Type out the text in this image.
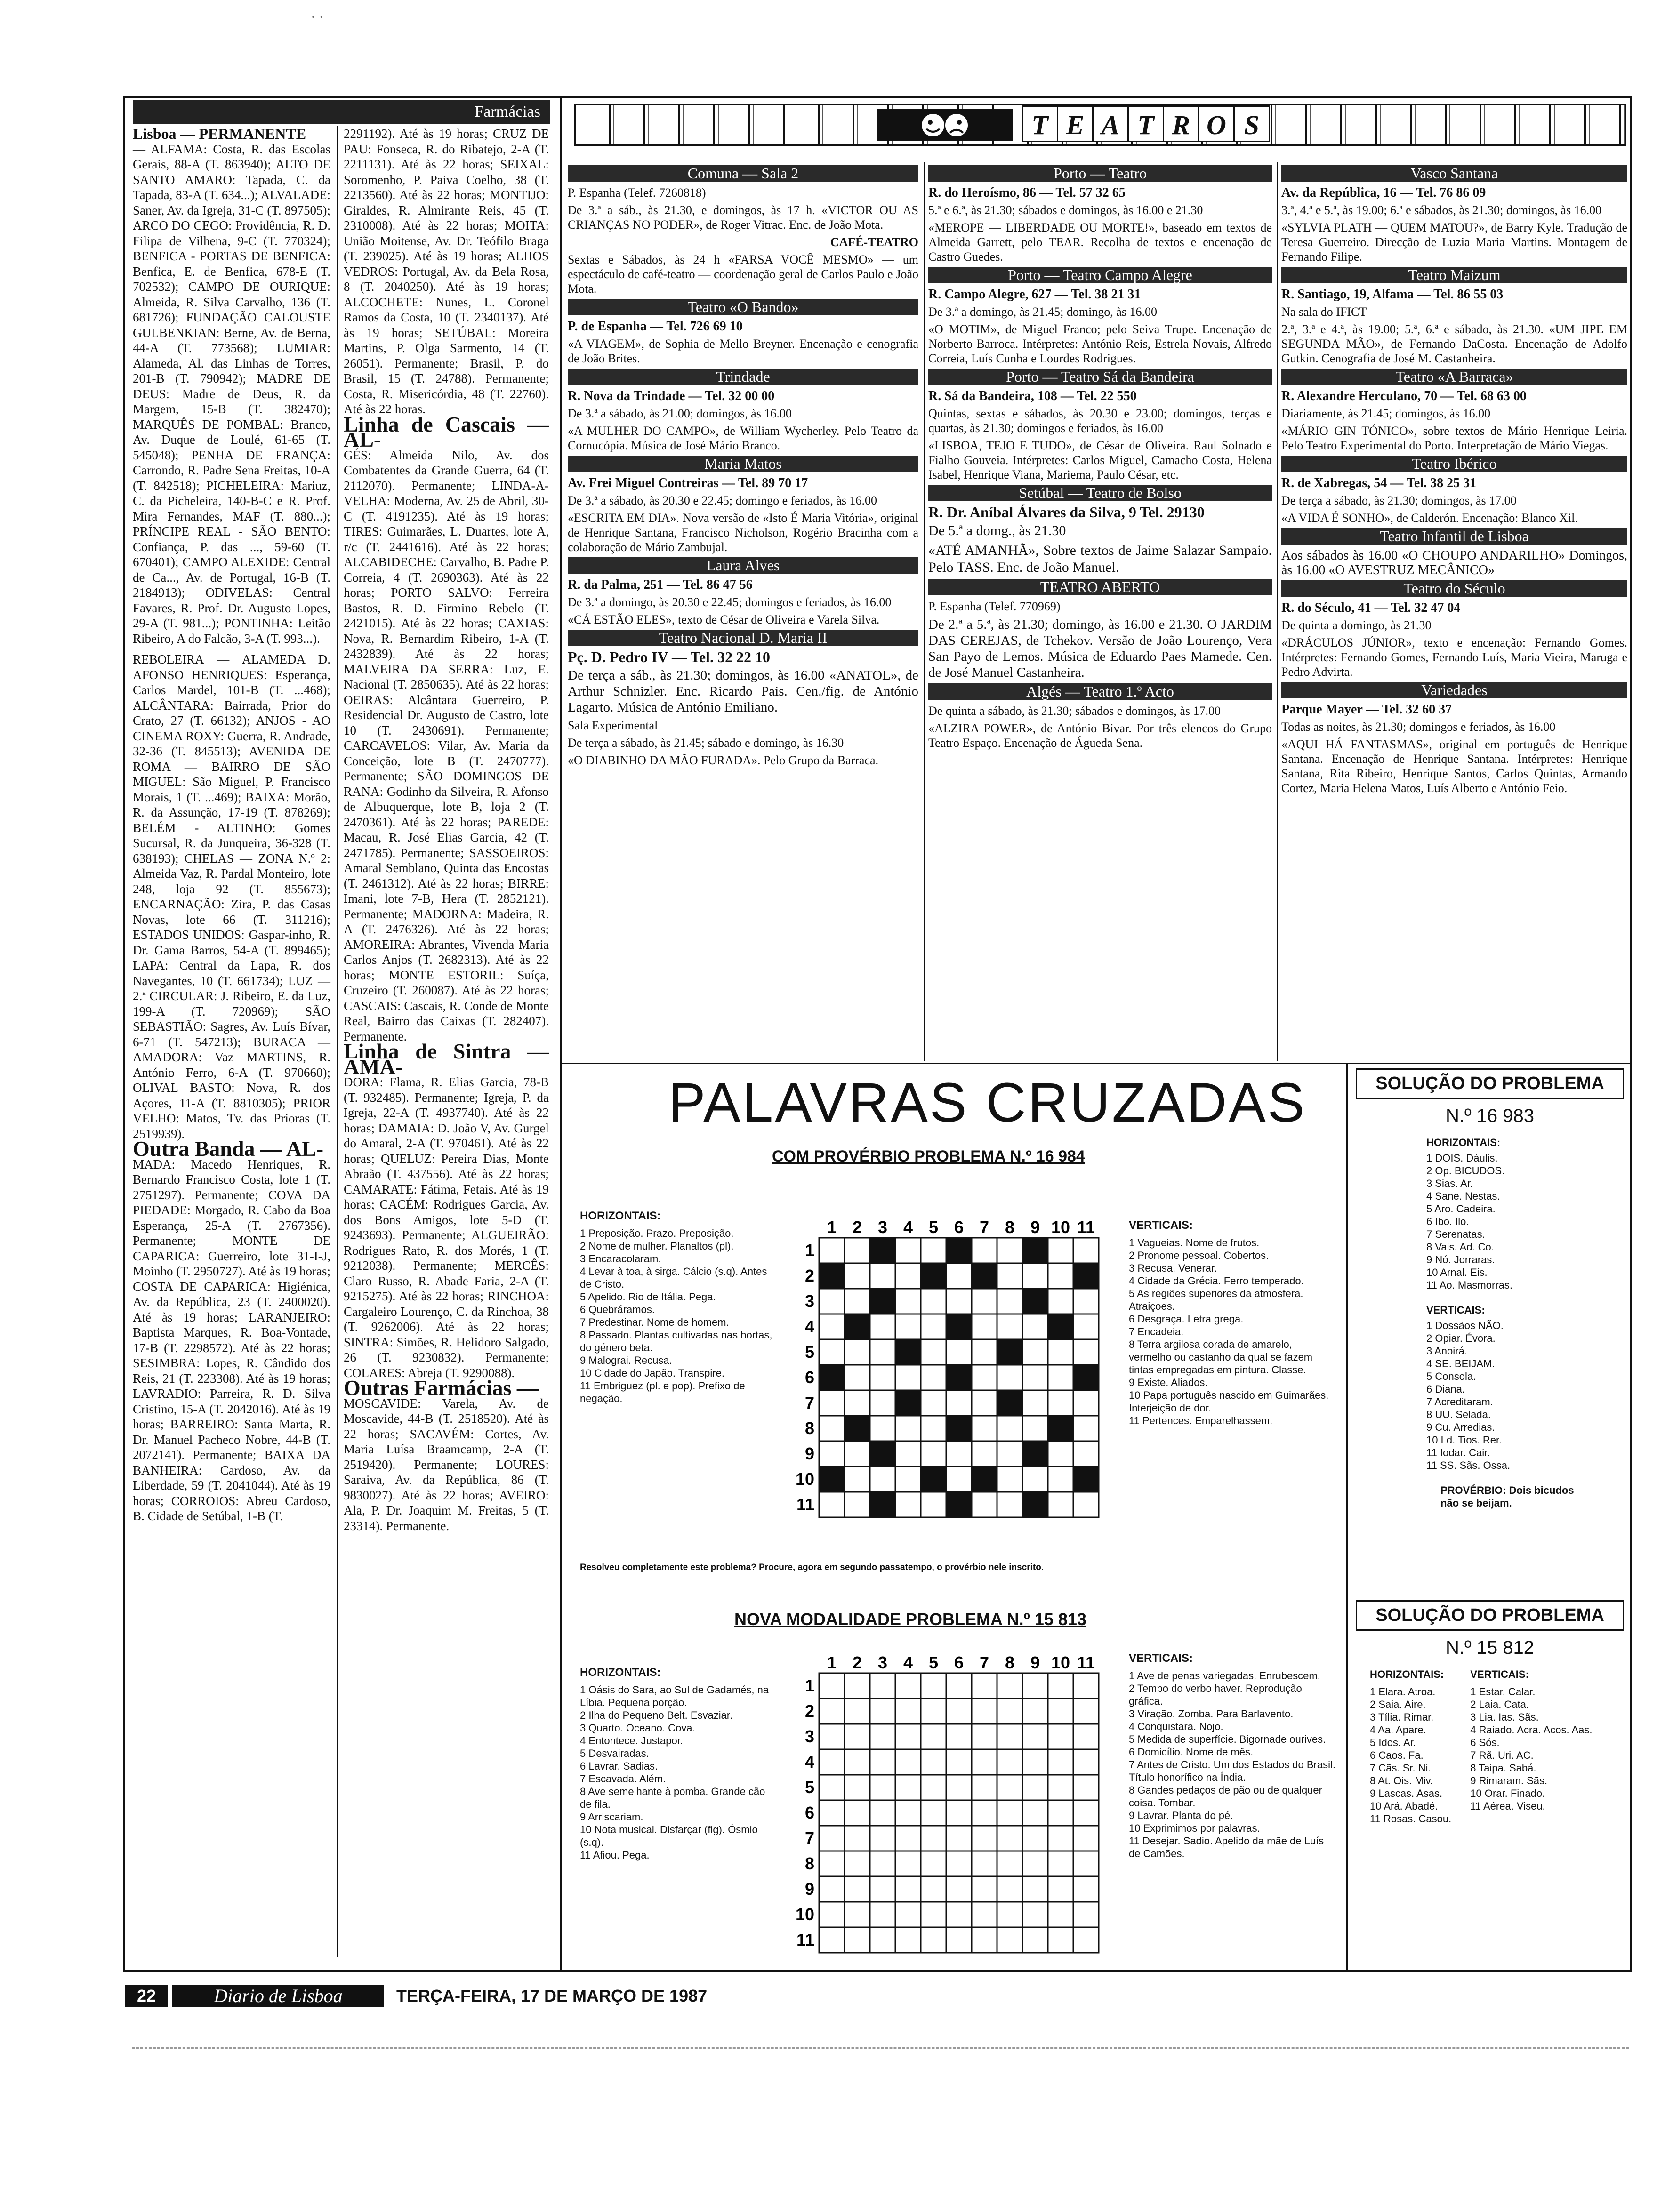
· ·
Farmácias

Lisboa — PERMANENTE

— ALFAMA: Costa, R. das Escolas Gerais, 88-A (T. 863940); ALTO DE SANTO AMARO: Tapada, C. da Tapada, 83-A (T. 634...); ALVALADE: Saner, Av. da Igreja, 31-C (T. 897505); ARCO DO CEGO: Providência, R. D. Filipa de Vilhena, 9-C (T. 770324); BENFICA - PORTAS DE BENFICA: Benfica, E. de Benfica, 678-E (T. 702532); CAMPO DE OURIQUE: Almeida, R. Silva Carvalho, 136 (T. 681726); FUNDAÇÃO CALOUSTE GULBENKIAN: Berne, Av. de Berna, 44-A (T. 773568); LUMIAR: Alameda, Al. das Linhas de Torres, 201-B (T. 790942); MADRE DE DEUS: Madre de Deus, R. da Margem, 15-B (T. 382470); MARQUÊS DE POMBAL: Branco, Av. Duque de Loulé, 61-65 (T. 545048); PENHA DE FRANÇA: Carrondo, R. Padre Sena Freitas, 10-A (T. 842518); PICHELEIRA: Mariuz, C. da Picheleira, 140-B-C e R. Prof. Mira Fernandes, MAF (T. 880...); PRÍNCIPE REAL - SÃO BENTO: Confiança, P. das ..., 59-60 (T. 670401); CAMPO ALEXIDE: Central de Ca..., Av. de Portugal, 16-B (T. 2184913); ODIVELAS: Central Favares, R. Prof. Dr. Augusto Lopes, 29-A (T. 981...); PONTINHA: Leitão Ribeiro, A do Falcão, 3-A (T. 993...).

REBOLEIRA — ALAMEDA D. AFONSO HENRIQUES: Esperança, Carlos Mardel, 101-B (T. ...468); ALCÂNTARA: Bairrada, Prior do Crato, 27 (T. 66132); ANJOS - AO CINEMA ROXY: Guerra, R. Andrade, 32-36 (T. 845513); AVENIDA DE ROMA — BAIRRO DE SÃO MIGUEL: São Miguel, P. Francisco Morais, 1 (T. ...469); BAIXA: Morão, R. da Assunção, 17-19 (T. 878269); BELÉM - ALTINHO: Gomes Sucursal, R. da Junqueira, 36-328 (T. 638193); CHELAS — ZONA N.º 2: Almeida Vaz, R. Pardal Monteiro, lote 248, loja 92 (T. 855673); ENCARNAÇÃO: Zira, P. das Casas Novas, lote 66 (T. 311216); ESTADOS UNIDOS: Gaspar-inho, R. Dr. Gama Barros, 54-A (T. 899465); LAPA: Central da Lapa, R. dos Navegantes, 10 (T. 661734); LUZ — 2.ª CIRCULAR: J. Ribeiro, E. da Luz, 199-A (T. 720969); SÃO SEBASTIÃO: Sagres, Av. Luís Bívar, 6-71 (T. 547213); BURACA — AMADORA: Vaz MARTINS, R. António Ferro, 6-A (T. 970660); OLIVAL BASTO: Nova, R. dos Açores, 11-A (T. 8810305); PRIOR VELHO: Matos, Tv. das Prioras (T. 2519939).

Outra Banda — AL-

MADA: Macedo Henriques, R. Bernardo Francisco Costa, lote 1 (T. 2751297). Permanente; COVA DA PIEDADE: Morgado, R. Cabo da Boa Esperança, 25-A (T. 2767356). Permanente; MONTE DE CAPARICA: Guerreiro, lote 31-I-J, Moinho (T. 2950727). Até às 19 horas; COSTA DE CAPARICA: Higiénica, Av. da República, 23 (T. 2400020). Até às 19 horas; LARANJEIRO: Baptista Marques, R. Boa-Vontade, 17-B (T. 2298572). Até às 22 horas; SESIMBRA: Lopes, R. Cândido dos Reis, 21 (T. 223308). Até às 19 horas; LAVRADIO: Parreira, R. D. Silva Cristino, 15-A (T. 2042016). Até às 19 horas; BARREIRO: Santa Marta, R. Dr. Manuel Pacheco Nobre, 44-B (T. 2072141). Permanente; BAIXA DA BANHEIRA: Cardoso, Av. da Liberdade, 59 (T. 2041044). Até às 19 horas; CORROIOS: Abreu Cardoso, B. Cidade de Setúbal, 1-B (T.

2291192). Até às 19 horas; CRUZ DE PAU: Fonseca, R. do Ribatejo, 2-A (T. 2211131). Até às 22 horas; SEIXAL: Soromenho, P. Paiva Coelho, 38 (T. 2213560). Até às 22 horas; MONTIJO: Giraldes, R. Almirante Reis, 45 (T. 2310008). Até às 22 horas; MOITA: União Moitense, Av. Dr. Teófilo Braga (T. 239025). Até às 19 horas; ALHOS VEDROS: Portugal, Av. da Bela Rosa, 8 (T. 2040250). Até às 19 horas; ALCOCHETE: Nunes, L. Coronel Ramos da Costa, 10 (T. 2340137). Até às 19 horas; SETÚBAL: Moreira Martins, P. Olga Sarmento, 14 (T. 26051). Permanente; Brasil, P. do Brasil, 15 (T. 24788). Permanente; Costa, R. Misericórdia, 48 (T. 22760). Até às 22 horas.

Linha de Cascais — AL-

GÉS: Almeida Nilo, Av. dos Combatentes da Grande Guerra, 64 (T. 2112070). Permanente; LINDA-A-VELHA: Moderna, Av. 25 de Abril, 30-C (T. 4191235). Até às 19 horas; TIRES: Guimarães, L. Duartes, lote A, r/c (T. 2441616). Até às 22 horas; ALCABIDECHE: Carvalho, B. Padre P. Correia, 4 (T. 2690363). Até às 22 horas; PORTO SALVO: Ferreira Bastos, R. D. Firmino Rebelo (T. 2421015). Até às 22 horas; CAXIAS: Nova, R. Bernardim Ribeiro, 1-A (T. 2432839). Até às 22 horas; MALVEIRA DA SERRA: Luz, E. Nacional (T. 2850635). Até às 22 horas; OEIRAS: Alcântara Guerreiro, P. Residencial Dr. Augusto de Castro, lote 10 (T. 2430691). Permanente; CARCAVELOS: Vilar, Av. Maria da Conceição, lote B (T. 2470777). Permanente; SÃO DOMINGOS DE RANA: Godinho da Silveira, R. Afonso de Albuquerque, lote B, loja 2 (T. 2470361). Até às 22 horas; PAREDE: Macau, R. José Elias Garcia, 42 (T. 2471785). Permanente; SASSOEIROS: Amaral Semblano, Quinta das Encostas (T. 2461312). Até às 22 horas; BIRRE: Imani, lote 7-B, Hera (T. 2852121). Permanente; MADORNA: Madeira, R. A (T. 2476326). Até às 22 horas; AMOREIRA: Abrantes, Vivenda Maria Carlos Anjos (T. 2682313). Até às 22 horas; MONTE ESTORIL: Suíça, Cruzeiro (T. 260087). Até às 22 horas; CASCAIS: Cascais, R. Conde de Monte Real, Bairro das Caixas (T. 282407). Permanente.

Linha de Sintra — AMA-

DORA: Flama, R. Elias Garcia, 78-B (T. 932485). Permanente; Igreja, P. da Igreja, 22-A (T. 4937740). Até às 22 horas; DAMAIA: D. João V, Av. Gurgel do Amaral, 2-A (T. 970461). Até às 22 horas; QUELUZ: Pereira Dias, Monte Abraão (T. 437556). Até às 22 horas; CAMARATE: Fátima, Fetais. Até às 19 horas; CACÉM: Rodrigues Garcia, Av. dos Bons Amigos, lote 5-D (T. 9243693). Permanente; ALGUEIRÃO: Rodrigues Rato, R. dos Morés, 1 (T. 9212038). Permanente; MERCÊS: Claro Russo, R. Abade Faria, 2-A (T. 9215275). Até às 22 horas; RINCHOA: Cargaleiro Lourenço, C. da Rinchoa, 38 (T. 9262006). Até às 22 horas; SINTRA: Simões, R. Helidoro Salgado, 26 (T. 9230832). Permanente; COLARES: Abreja (T. 9290088).

Outras Farmácias —

MOSCAVIDE: Varela, Av. de Moscavide, 44-B (T. 2518520). Até às 22 horas; SACAVÉM: Cortes, Av. Maria Luísa Braamcamp, 2-A (T. 2519420). Permanente; LOURES: Saraiva, Av. da República, 86 (T. 9830027). Até às 22 horas; AVEIRO: Ala, P. Dr. Joaquim M. Freitas, 5 (T. 23314). Permanente.

T E A T R O S
Comuna — Sala 2

P. Espanha (Telef. 7260818)

De 3.ª a sáb., às 21.30, e domingos, às 17 h. «VICTOR OU AS CRIANÇAS NO PODER», de Roger Vitrac. Enc. de João Mota.

CAFÉ-TEATRO

Sextas e Sábados, às 24 h «FARSA VOCÊ MESMO» — um espectáculo de café-teatro — coordenação geral de Carlos Paulo e João Mota.

Teatro «O Bando»
P. de Espanha — Tel. 726 69 10

«A VIAGEM», de Sophia de Mello Breyner. Encenação e cenografia de João Brites.

Trindade
R. Nova da Trindade — Tel. 32 00 00

De 3.ª a sábado, às 21.00; domingos, às 16.00

«A MULHER DO CAMPO», de William Wycherley. Pelo Teatro da Cornucópia. Música de José Mário Branco.

Maria Matos
Av. Frei Miguel Contreiras — Tel. 89 70 17

De 3.ª a sábado, às 20.30 e 22.45; domingo e feriados, às 16.00

«ESCRITA EM DIA». Nova versão de «Isto É Maria Vitória», original de Henrique Santana, Francisco Nicholson, Rogério Bracinha com a colaboração de Mário Zambujal.

Laura Alves
R. da Palma, 251 — Tel. 86 47 56

De 3.ª a domingo, às 20.30 e 22.45; domingos e feriados, às 16.00

«CÁ ESTÃO ELES», texto de César de Oliveira e Varela Silva.

Teatro Nacional D. Maria II
Pç. D. Pedro IV — Tel. 32 22 10

De terça a sáb., às 21.30; domingos, às 16.00 «ANATOL», de Arthur Schnizler. Enc. Ricardo Pais. Cen./fig. de António Lagarto. Música de António Emiliano.

Sala Experimental

De terça a sábado, às 21.45; sábado e domingo, às 16.30

«O DIABINHO DA MÃO FURADA». Pelo Grupo da Barraca.

Porto — Teatro
R. do Heroísmo, 86 — Tel. 57 32 65

5.ª e 6.ª, às 21.30; sábados e domingos, às 16.00 e 21.30

«MEROPE — LIBERDADE OU MORTE!», baseado em textos de Almeida Garrett, pelo TEAR. Recolha de textos e encenação de Castro Guedes.

Porto — Teatro Campo Alegre
R. Campo Alegre, 627 — Tel. 38 21 31

De 3.ª a domingo, às 21.45; domingo, às 16.00

«O MOTIM», de Miguel Franco; pelo Seiva Trupe. Encenação de Norberto Barroca. Intérpretes: António Reis, Estrela Novais, Alfredo Correia, Luís Cunha e Lourdes Rodrigues.

Porto — Teatro Sá da Bandeira
R. Sá da Bandeira, 108 — Tel. 22 550

Quintas, sextas e sábados, às 20.30 e 23.00; domingos, terças e quartas, às 21.30; domingos e feriados, às 16.00

«LISBOA, TEJO E TUDO», de César de Oliveira. Raul Solnado e Fialho Gouveia. Intérpretes: Carlos Miguel, Camacho Costa, Helena Isabel, Henrique Viana, Mariema, Paulo César, etc.

Setúbal — Teatro de Bolso
R. Dr. Aníbal Álvares da Silva, 9 Tel. 29130

De 5.ª a domg., às 21.30

«ATÉ AMANHÃ», Sobre textos de Jaime Salazar Sampaio. Pelo TASS. Enc. de João Manuel.

TEATRO ABERTO

P. Espanha (Telef. 770969)

De 2.ª a 5.ª, às 21.30; domingo, às 16.00 e 21.30. O JARDIM DAS CEREJAS, de Tchekov. Versão de João Lourenço, Vera San Payo de Lemos. Música de Eduardo Paes Mamede. Cen. de José Manuel Castanheira.

Algés — Teatro 1.º Acto

De quinta a sábado, às 21.30; sábados e domingos, às 17.00

«ALZIRA POWER», de António Bivar. Por três elencos do Grupo Teatro Espaço. Encenação de Águeda Sena.

Vasco Santana
Av. da República, 16 — Tel. 76 86 09

3.ª, 4.ª e 5.ª, às 19.00; 6.ª e sábados, às 21.30; domingos, às 16.00

«SYLVIA PLATH — QUEM MATOU?», de Barry Kyle. Tradução de Teresa Guerreiro. Direcção de Luzia Maria Martins. Montagem de Fernando Filipe.

Teatro Maizum
R. Santiago, 19, Alfama — Tel. 86 55 03

Na sala do IFICT

2.ª, 3.ª e 4.ª, às 19.00; 5.ª, 6.ª e sábado, às 21.30. «UM JIPE EM SEGUNDA MÃO», de Fernando DaCosta. Encenação de Adolfo Gutkin. Cenografia de José M. Castanheira.

Teatro «A Barraca»
R. Alexandre Herculano, 70 — Tel. 68 63 00

Diariamente, às 21.45; domingos, às 16.00

«MÁRIO GIN TÓNICO», sobre textos de Mário Henrique Leiria. Pelo Teatro Experimental do Porto. Interpretação de Mário Viegas.

Teatro Ibérico
R. de Xabregas, 54 — Tel. 38 25 31

De terça a sábado, às 21.30; domingos, às 17.00

«A VIDA É SONHO», de Calderón. Encenação: Blanco Xil.

Teatro Infantil de Lisboa

Aos sábados às 16.00 «O CHOUPO ANDARILHO» Domingos, às 16.00 «O AVESTRUZ MECÂNICO»

Teatro do Século
R. do Século, 41 — Tel. 32 47 04

De quinta a domingo, às 21.30

«DRÁCULOS JÚNIOR», texto e encenação: Fernando Gomes. Intérpretes: Fernando Gomes, Fernando Luís, Maria Vieira, Maruga e Pedro Advirta.

Variedades
Parque Mayer — Tel. 32 60 37

Todas as noites, às 21.30; domingos e feriados, às 16.00

«AQUI HÁ FANTASMAS», original em português de Henrique Santana. Encenação de Henrique Santana. Intérpretes: Henrique Santana, Rita Ribeiro, Henrique Santos, Carlos Quintas, Armando Cortez, Maria Helena Matos, Luís Alberto e António Feio.

PALAVRAS CRUZADAS
COM PROVÉRBIO PROBLEMA N.º 16 984
HORIZONTAIS:
1 Preposição. Prazo. Preposição.
2 Nome de mulher. Planaltos (pl).
3 Encaracolaram.
4 Levar à toa, à sirga. Cálcio (s.q). Antes de Cristo.
5 Apelido. Rio de Itália. Pega.
6 Quebráramos.
7 Predestinar. Nome de homem.
8 Passado. Plantas cultivadas nas hortas, do género beta.
9 Malograi. Recusa.
10 Cidade do Japão. Transpire.
11 Embriguez (pl. e pop). Prefixo de negação.
1
1
2
2
3
3
4
4
5
5
6
6
7
7
8
8
9
9
10
10
11
11
VERTICAIS:
1 Vagueias. Nome de frutos.
2 Pronome pessoal. Cobertos.
3 Recusa. Venerar.
4 Cidade da Grécia. Ferro temperado.
5 As regiões superiores da atmosfera. Atraiçoes.
6 Desgraça. Letra grega.
7 Encadeia.
8 Terra argilosa corada de amarelo, vermelho ou castanho da qual se fazem tintas empregadas em pintura. Classe.
9 Existe. Aliados.
10 Papa português nascido em Guimarães. Interjeição de dor.
11 Pertences. Emparelhassem.
Resolveu completamente este problema? Procure, agora em segundo passatempo, o provérbio nele inscrito.
NOVA MODALIDADE PROBLEMA N.º 15 813
HORIZONTAIS:
1 Oásis do Sara, ao Sul de Gadamés, na Líbia. Pequena porção.
2 Ilha do Pequeno Belt. Esvaziar.
3 Quarto. Oceano. Cova.
4 Entontece. Justapor.
5 Desvairadas.
6 Lavrar. Sadias.
7 Escavada. Além.
8 Ave semelhante à pomba. Grande cão de fila.
9 Arriscariam.
10 Nota musical. Disfarçar (fig). Ósmio (s.q).
11 Afiou. Pega.
1
1
2
2
3
3
4
4
5
5
6
6
7
7
8
8
9
9
10
10
11
11
VERTICAIS:
1 Ave de penas variegadas. Enrubescem.
2 Tempo do verbo haver. Reprodução gráfica.
3 Viração. Zomba. Para Barlavento.
4 Conquistara. Nojo.
5 Medida de superfície. Bigornade ourives.
6 Domicílio. Nome de mês.
7 Antes de Cristo. Um dos Estados do Brasil. Título honorífico na Índia.
8 Gandes pedaços de pão ou de qualquer coisa. Tombar.
9 Lavrar. Planta do pé.
10 Exprimimos por palavras.
11 Desejar. Sadio. Apelido da mãe de Luís de Camões.
SOLUÇÃO DO PROBLEMA
N.º 16 983
HORIZONTAIS:
1 DOIS. Dáulis.
2 Op. BICUDOS.
3 Sias. Ar.
4 Sane. Nestas.
5 Aro. Cadeira.
6 Ibo. Ilo.
7 Serenatas.
8 Vais. Ad. Co.
9 Nó. Jorraras.
10 Arnal. Eis.
11 Ao. Masmorras.
VERTICAIS:
1 Dossãos NÃO.
2 Opiar. Évora.
3 Anoirá.
4 SE. BEIJAM.
5 Consola.
6 Diana.
7 Acreditaram.
8 UU. Selada.
9 Cu. Arredias.
10 Ld. Tios. Rer.
11 Iodar. Cair.
11 SS. Sãs. Ossa.
PROVÉRBIO: Dois bicudos não se beijam.
SOLUÇÃO DO PROBLEMA
N.º 15 812
HORIZONTAIS:
1 Elara. Atroa.
2 Saia. Aire.
3 Tília. Rimar.
4 Aa. Apare.
5 Idos. Ar.
6 Caos. Fa.
7 Cãs. Sr. Ni.
8 At. Ois. Miv.
9 Lascas. Asas.
10 Ará. Abadé.
11 Rosas. Casou.
VERTICAIS:
1 Estar. Calar.
2 Laia. Cata.
3 Lia. Ias. Sãs.
4 Raiado. Acra. Acos. Aas.
6 Sós.
7 Rã. Uri. AC.
8 Taipa. Sabá.
9 Rimaram. Sãs.
10 Orar. Finado.
11 Aérea. Viseu.
22	Diario de Lisboa	TERÇA-FEIRA, 17 DE MARÇO DE 1987
